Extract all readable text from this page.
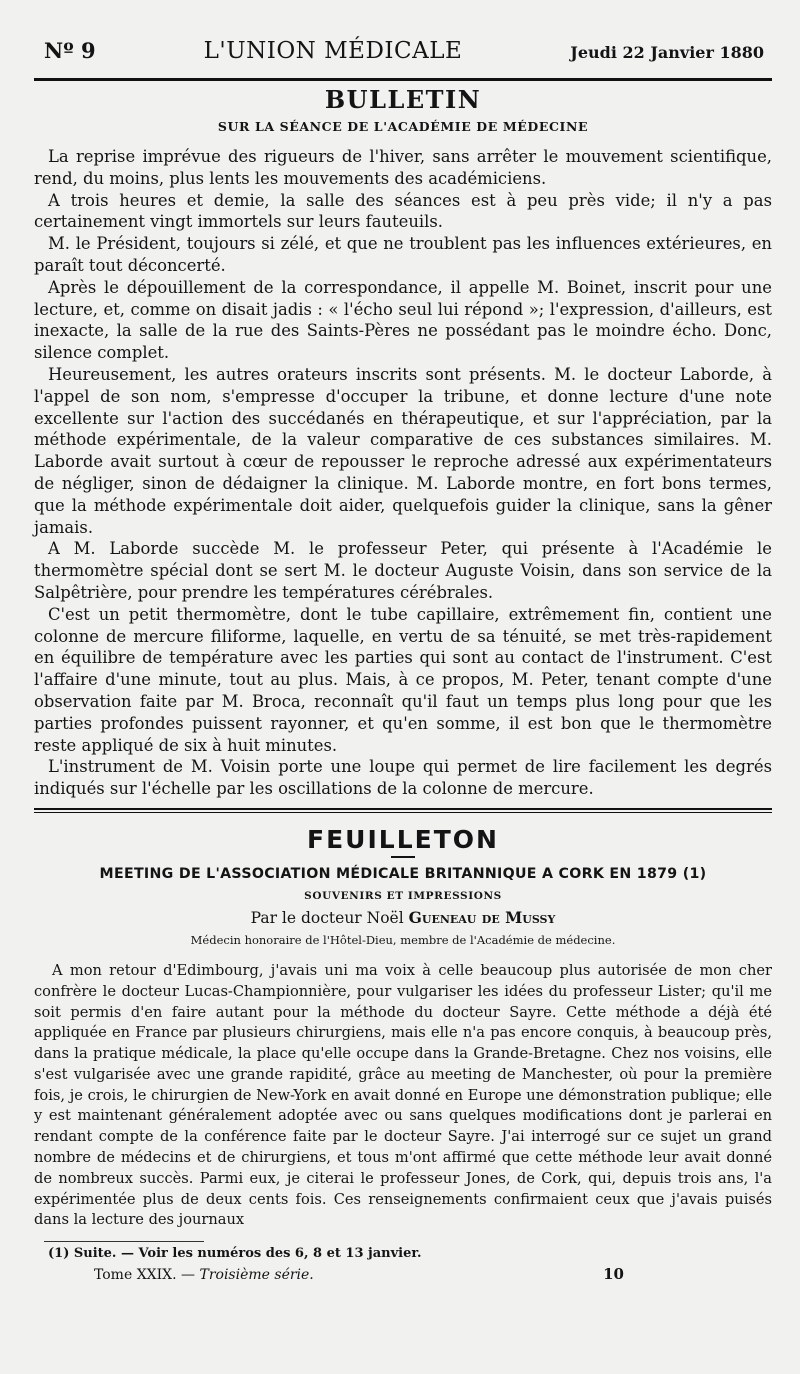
Nº 9	L'UNION MÉDICALE	Jeudi 22 Janvier 1880
BULLETIN
SUR LA SÉANCE DE L'ACADÉMIE DE MÉDECINE

La reprise imprévue des rigueurs de l'hiver, sans arrêter le mouvement scientifique, rend, du moins, plus lents les mouvements des académiciens.

A trois heures et demie, la salle des séances est à peu près vide; il n'y a pas certainement vingt immortels sur leurs fauteuils.

M. le Président, toujours si zélé, et que ne troublent pas les influences extérieures, en paraît tout déconcerté.

Après le dépouillement de la correspondance, il appelle M. Boinet, inscrit pour une lecture, et, comme on disait jadis : « l'écho seul lui répond »; l'expression, d'ailleurs, est inexacte, la salle de la rue des Saints-Pères ne possédant pas le moindre écho. Donc, silence complet.

Heureusement, les autres orateurs inscrits sont présents. M. le docteur Laborde, à l'appel de son nom, s'empresse d'occuper la tribune, et donne lecture d'une note excellente sur l'action des succédanés en thérapeutique, et sur l'appréciation, par la méthode expérimentale, de la valeur comparative de ces substances similaires. M. Laborde avait surtout à cœur de repousser le reproche adressé aux expérimentateurs de négliger, sinon de dédaigner la clinique. M. Laborde montre, en fort bons termes, que la méthode expérimentale doit aider, quelquefois guider la clinique, sans la gêner jamais.

A M. Laborde succède M. le professeur Peter, qui présente à l'Académie le thermomètre spécial dont se sert M. le docteur Auguste Voisin, dans son service de la Salpêtrière, pour prendre les températures cérébrales.

C'est un petit thermomètre, dont le tube capillaire, extrêmement fin, contient une colonne de mercure filiforme, laquelle, en vertu de sa ténuité, se met très-rapidement en équilibre de température avec les parties qui sont au contact de l'instrument. C'est l'affaire d'une minute, tout au plus. Mais, à ce propos, M. Peter, tenant compte d'une observation faite par M. Broca, reconnaît qu'il faut un temps plus long pour que les parties profondes puissent rayonner, et qu'en somme, il est bon que le thermomètre reste appliqué de six à huit minutes.

L'instrument de M. Voisin porte une loupe qui permet de lire facilement les degrés indiqués sur l'échelle par les oscillations de la colonne de mercure.

FEUILLETON
MEETING DE L'ASSOCIATION MÉDICALE BRITANNIQUE A CORK EN 1879 (1)
SOUVENIRS ET IMPRESSIONS
Par le docteur Noël Gueneau de Mussy
Médecin honoraire de l'Hôtel-Dieu, membre de l'Académie de médecine.

A mon retour d'Edimbourg, j'avais uni ma voix à celle beaucoup plus autorisée de mon cher confrère le docteur Lucas-Championnière, pour vulgariser les idées du professeur Lister; qu'il me soit permis d'en faire autant pour la méthode du docteur Sayre. Cette méthode a déjà été appliquée en France par plusieurs chirurgiens, mais elle n'a pas encore conquis, à beaucoup près, dans la pratique médicale, la place qu'elle occupe dans la Grande-Bretagne. Chez nos voisins, elle s'est vulgarisée avec une grande rapidité, grâce au meeting de Manchester, où pour la première fois, je crois, le chirurgien de New-York en avait donné en Europe une démonstration publique; elle y est maintenant généralement adoptée avec ou sans quelques modifications dont je parlerai en rendant compte de la conférence faite par le docteur Sayre. J'ai interrogé sur ce sujet un grand nombre de médecins et de chirurgiens, et tous m'ont affirmé que cette méthode leur avait donné de nombreux succès. Parmi eux, je citerai le professeur Jones, de Cork, qui, depuis trois ans, l'a expérimentée plus de deux cents fois. Ces renseignements confirmaient ceux que j'avais puisés dans la lecture des journaux

(1) Suite. — Voir les numéros des 6, 8 et 13 janvier.
Tome XXIX. — Troisième série.	10
